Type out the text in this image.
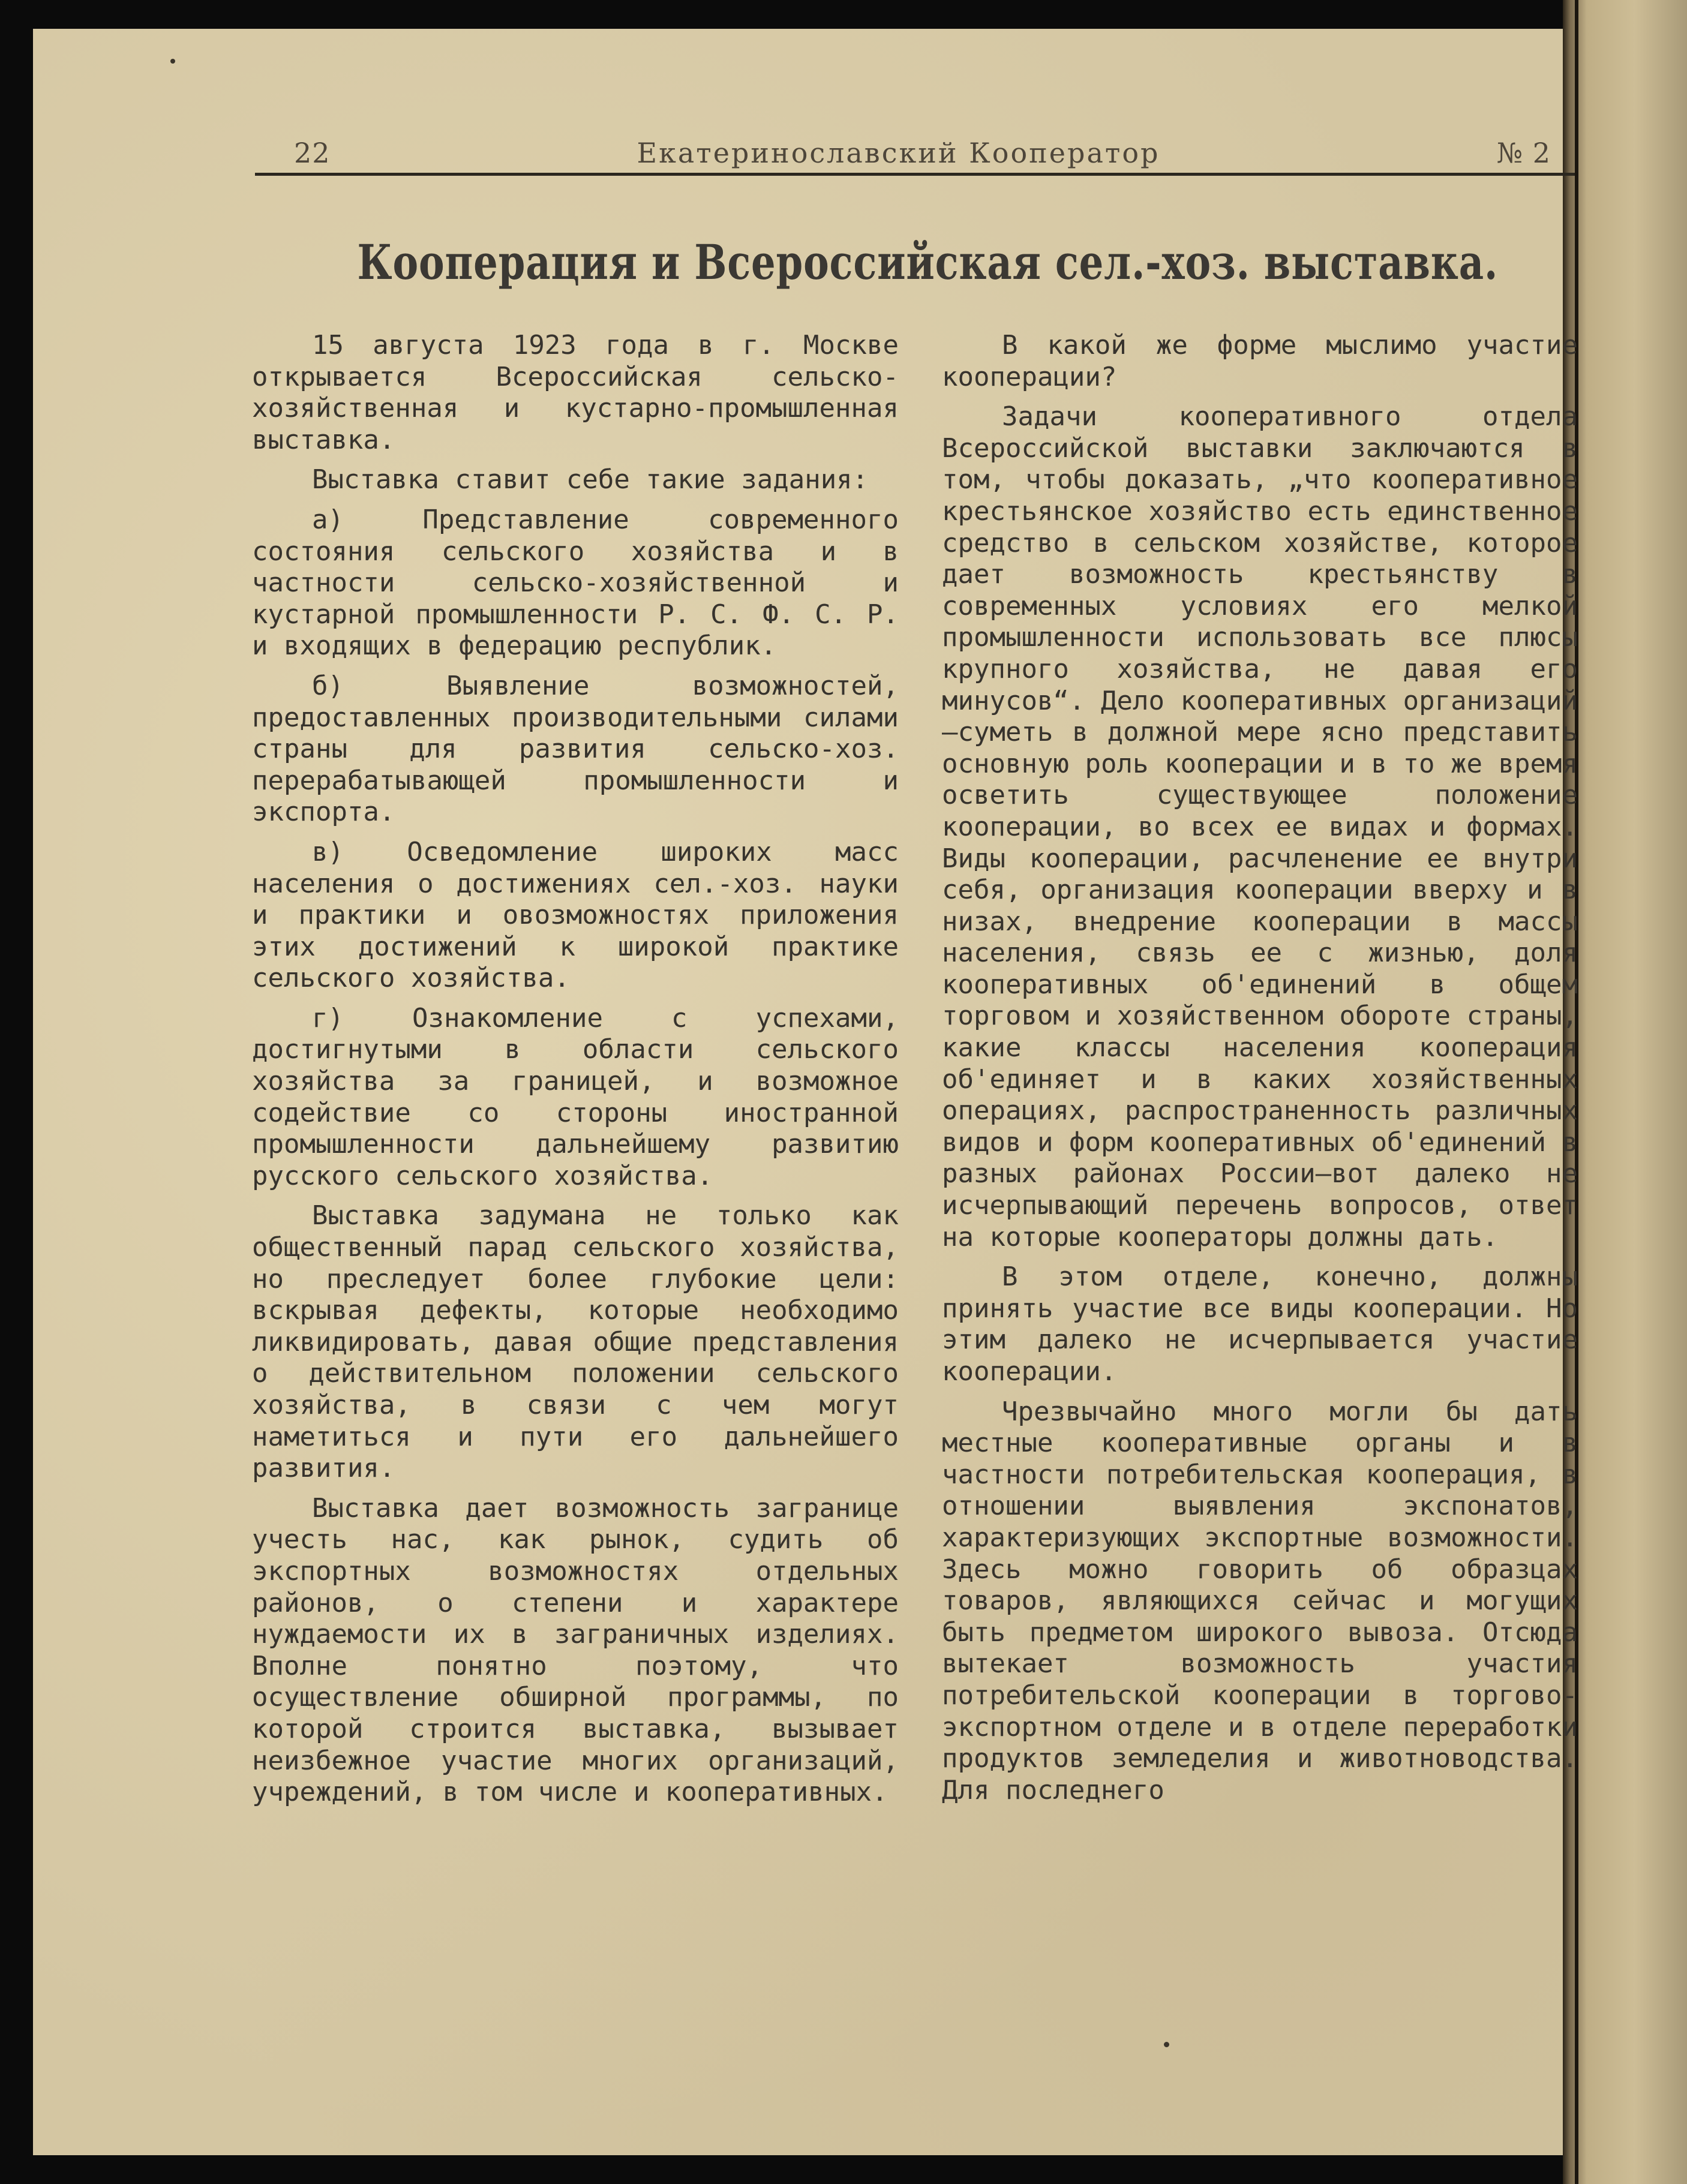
22	Екатеринославский Кооператор	№ 2
Кооперация и Всероссийская сел.-хоз. выставка.

15 августа 1923 года в г. Москве открывается Всероссийская сельско-хозяйственная и кустарно-промышленная выставка.

Выставка ставит себе такие задания:

а) Представление современного состояния сельского хозяйства и в частности сельско-хозяйственной и кустарной промышленности Р. С. Ф. С. Р. и входящих в федерацию республик.

б) Выявление возможностей, предоставленных производительными силами страны для развития сельско-хоз. перерабатывающей промышленности и экспорта.

в) Осведомление широких масс населения о достижениях сел.-хоз. науки и практики и овозможностях приложения этих достижений к широкой практике сельского хозяйства.

г) Ознакомление с успехами, достигнутыми в области сельского хозяйства за границей, и возможное содействие со стороны иностранной промышленности дальнейшему развитию русского сельского хозяйства.

Выставка задумана не только как общественный парад сельского хозяйства, но преследует более глубокие цели: вскрывая дефекты, которые необходимо ликвидировать, давая общие представления о действительном положении сельского хозяйства, в связи с чем могут наметиться и пути его дальнейшего развития.

Выставка дает возможность загранице учесть нас, как рынок, судить об экспортных возможностях отдельных районов, о степени и характере нуждаемости их в заграничных изделиях. Вполне понятно поэтому, что осуществление обширной программы, по которой строится выставка, вызывает неизбежное участие многих организаций, учреждений, в том числе и кооперативных.

В какой же форме мыслимо участие кооперации?

Задачи кооперативного отдела Всероссийской выставки заключаются в том, чтобы доказать, „что кооперативное крестьянское хозяйство есть единственное средство в сельском хозяйстве, которое дает возможность крестьянству в современных условиях его мелкой промышленности использовать все плюсы крупного хозяйства, не давая его минусов“. Дело кооперативных организаций—суметь в должной мере ясно представить основную роль кооперации и в то же время осветить существующее положение кооперации, во всех ее видах и формах. Виды кооперации, расчленение ее внутри себя, организация кооперации вверху и в низах, внедрение кооперации в массы населения, связь ее с жизнью, доля кооперативных об'единений в общем торговом и хозяйственном обороте страны, какие классы населения кооперация об'единяет и в каких хозяйственных операциях, распространенность различных видов и форм кооперативных об'единений в разных районах России—вот далеко не исчерпывающий перечень вопросов, ответ на которые кооператоры должны дать.

В этом отделе, конечно, должны принять участие все виды кооперации. Но этим далеко не исчерпывается участие кооперации.

Чрезвычайно много могли бы дать местные кооперативные органы и в частности потребительская кооперация, в отношении выявления экспонатов, характеризующих экспортные возможности. Здесь можно говорить об образцах товаров, являющихся сейчас и могущих быть предметом широкого вывоза. Отсюда вытекает возможность участия потребительской кооперации в торгово-экспортном отделе и в отделе переработки продуктов земледелия и животноводства. Для последнего
